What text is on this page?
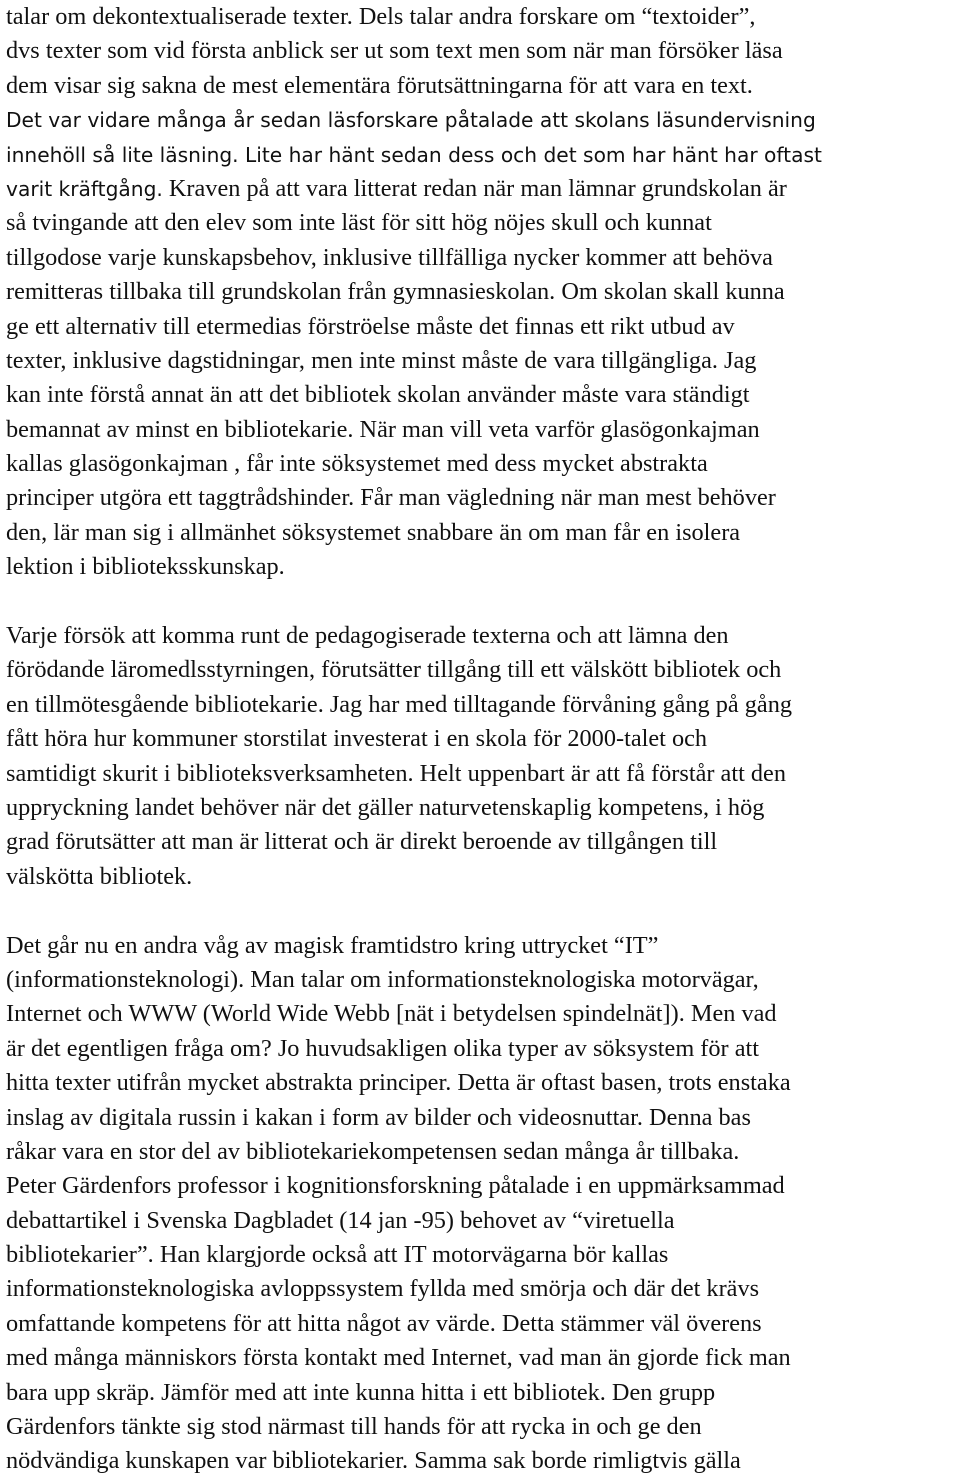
talar om dekontextualiserade texter. Dels talar andra forskare om “textoider”,
dvs texter som vid första anblick ser ut som text men som när man försöker läsa
dem visar sig sakna de mest elementära förutsättningarna för att vara en text.
Det var vidare många år sedan läsforskare påtalade att skolans läsundervisning
innehöll så lite läsning. Lite har hänt sedan dess och det som har hänt har oftast
varit kräftgång. Kraven på att vara litterat redan när man lämnar grundskolan är
så tvingande att den elev som inte läst för sitt hög nöjes skull och kunnat
tillgodose varje kunskapsbehov, inklusive tillfälliga nycker kommer att behöva
remitteras tillbaka till grundskolan från gymnasieskolan. Om skolan skall kunna
ge ett alternativ till etermedias förströelse måste det finnas ett rikt utbud av
texter, inklusive dagstidningar, men inte minst måste de vara tillgängliga. Jag
kan inte förstå annat än att det bibliotek skolan använder måste vara ständigt
bemannat av minst en bibliotekarie. När man vill veta varför glasögonkajman
kallas glasögonkajman , får inte söksystemet med dess mycket abstrakta
principer utgöra ett taggtrådshinder. Får man vägledning när man mest behöver
den, lär man sig i allmänhet söksystemet snabbare än om man får en isolera
lektion i biblioteksskunskap.
Varje försök att komma runt de pedagogiserade texterna och att lämna den
förödande läromedlsstyrningen, förutsätter tillgång till ett välskött bibliotek och
en tillmötesgående bibliotekarie. Jag har med tilltagande förvåning gång på gång
fått höra hur kommuner storstilat investerat i en skola för 2000-talet och
samtidigt skurit i biblioteksverksamheten. Helt uppenbart är att få förstår att den
uppryckning landet behöver när det gäller naturvetenskaplig kompetens, i hög
grad förutsätter att man är litterat och är direkt beroende av tillgången till
välskötta bibliotek.
Det går nu en andra våg av magisk framtidstro kring uttrycket “IT”
(informationsteknologi). Man talar om informationsteknologiska motorvägar,
Internet och WWW (World Wide Webb [nät i betydelsen spindelnät]). Men vad
är det egentligen fråga om? Jo huvudsakligen olika typer av söksystem för att
hitta texter utifrån mycket abstrakta principer. Detta är oftast basen, trots enstaka
inslag av digitala russin i kakan i form av bilder och videosnuttar. Denna bas
råkar vara en stor del av bibliotekariekompetensen sedan många år tillbaka.
Peter Gärdenfors professor i kognitionsforskning påtalade i en uppmärksammad
debattartikel i Svenska Dagbladet (14 jan -95) behovet av “viretuella
bibliotekarier”. Han klargjorde också att IT motorvägarna bör kallas
informationsteknologiska avloppssystem fyllda med smörja och där det krävs
omfattande kompetens för att hitta något av värde. Detta stämmer väl överens
med många människors första kontakt med Internet, vad man än gjorde fick man
bara upp skräp. Jämför med att inte kunna hitta i ett bibliotek. Den grupp
Gärdenfors tänkte sig stod närmast till hands för att rycka in och ge den
nödvändiga kunskapen var bibliotekarier. Samma sak borde rimligtvis gälla
